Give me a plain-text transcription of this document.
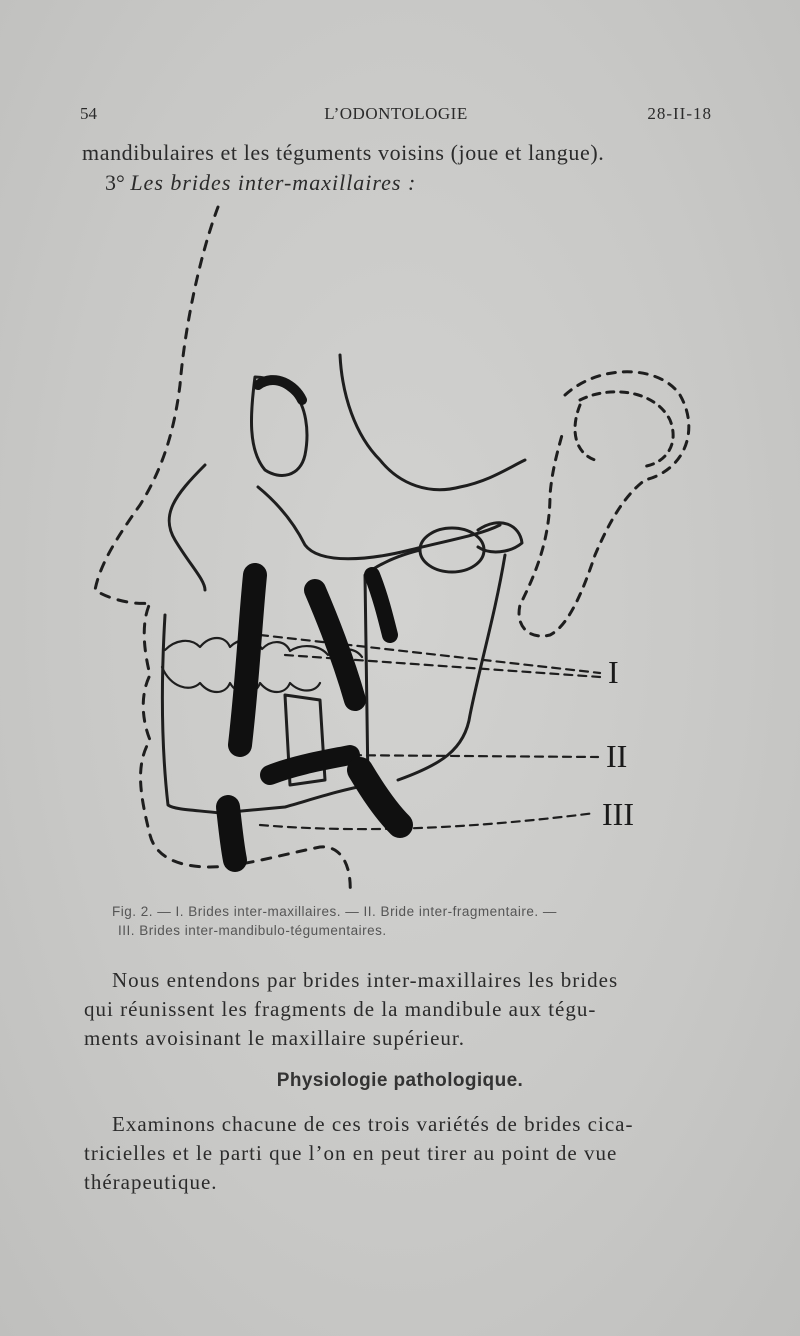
54	L’ODONTOLOGIE	28-II-18
mandibulaires et les téguments voisins (joue et langue).
3° Les brides inter-maxillaires :
I
II
III

Fig. 2. — I. Brides inter-maxillaires. — II. Bride inter-fragmentaire. —

III. Brides inter-mandibulo-tégumentaires.

Nous entendons par brides inter-maxillaires les brides

qui réunissent les fragments de la mandibule aux tégu-

ments avoisinant le maxillaire supérieur.

Physiologie pathologique.

Examinons chacune de ces trois variétés de brides cica-

tricielles et le parti que l’on en peut tirer au point de vue

thérapeutique.
